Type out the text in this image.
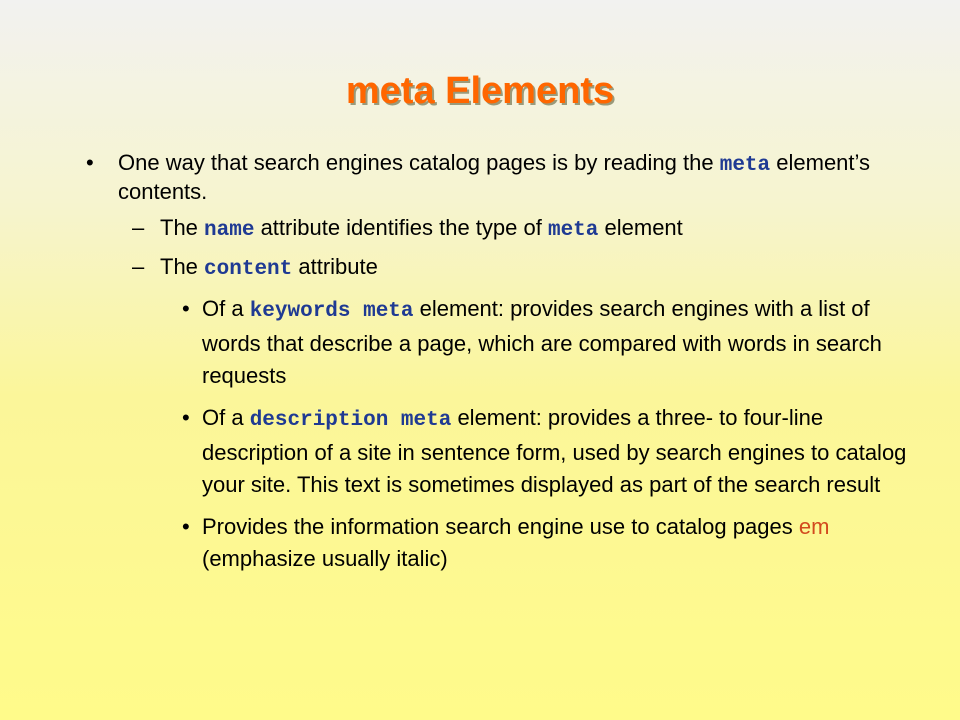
meta Elements
• One way that search engines catalog pages is by reading the meta element’s contents.
– The name attribute identifies the type of meta element
– The content attribute
• Of a keywords meta element: provides search engines with a list of words that describe a page, which are compared with words in search requests
• Of a description meta element: provides a three- to four-line description of a site in sentence form, used by search engines to catalog your site. This text is sometimes displayed as part of the search result
• Provides the information search engine use to catalog pages em (emphasize usually italic)
